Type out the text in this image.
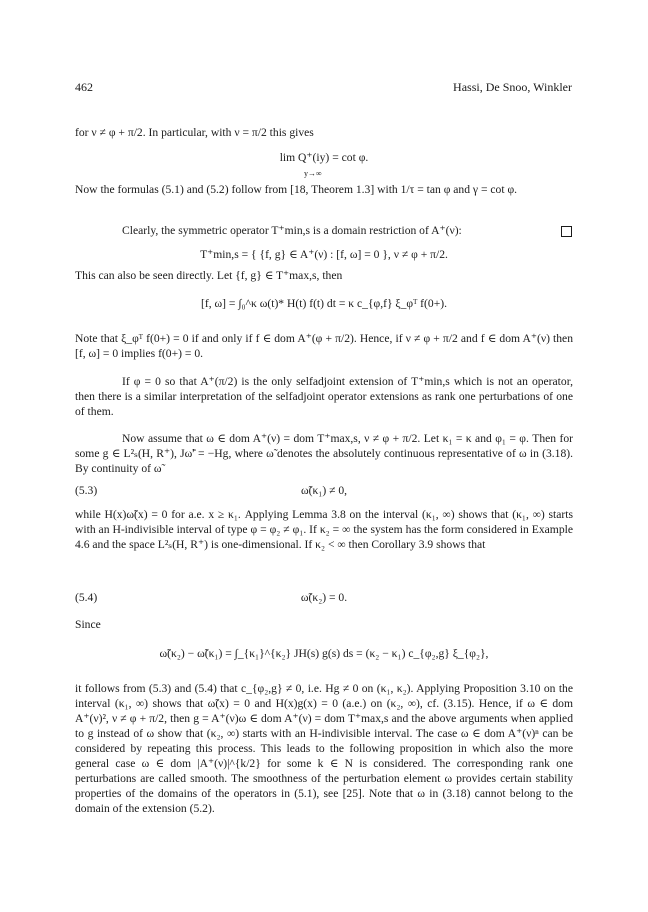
462	Hassi, De Snoo, Winkler
for ν ≠ φ + π/2. In particular, with ν = π/2 this gives
lim Q⁺(iy) = cot φ.
y→∞
Now the formulas (5.1) and (5.2) follow from [18, Theorem 1.3] with 1/τ = tan φ and γ = cot φ.
Clearly, the symmetric operator T⁺min,s is a domain restriction of A⁺(ν):
T⁺min,s = { {f, g} ∈ A⁺(ν) : [f, ω] = 0 }, ν ≠ φ + π/2.
This can also be seen directly. Let {f, g} ∈ T⁺max,s, then
[f, ω] = ∫₀^κ ω(t)* H(t) f(t) dt = κ c_{φ,f} ξ_φᵀ f(0+).
Note that ξ_φᵀ f(0+) = 0 if and only if f ∈ dom A⁺(φ + π/2). Hence, if ν ≠ φ + π/2 and f ∈ dom A⁺(ν) then [f, ω] = 0 implies f(0+) = 0.
If φ = 0 so that A⁺(π/2) is the only selfadjoint extension of T⁺min,s which is not an operator, then there is a similar interpretation of the selfadjoint operator extensions as rank one perturbations of one of them.
Now assume that ω ∈ dom A⁺(ν) = dom T⁺max,s, ν ≠ φ + π/2. Let κ₁ = κ and φ₁ = φ. Then for some g ∈ L²ₛ(H, R⁺), Jω̃′ = −Hg, where ω̃ denotes the absolutely continuous representative of ω in (3.18). By continuity of ω̃
(5.3)	ω̃(κ₁) ≠ 0,
while H(x)ω̃(x) = 0 for a.e. x ≥ κ₁. Applying Lemma 3.8 on the interval (κ₁, ∞) shows that (κ₁, ∞) starts with an H-indivisible interval of type φ = φ₂ ≠ φ₁. If κ₂ = ∞ the system has the form considered in Example 4.6 and the space L²ₛ(H, R⁺) is one-dimensional. If κ₂ < ∞ then Corollary 3.9 shows that
(5.4)	ω̃(κ₂) = 0.
Since
ω̃(κ₂) − ω̃(κ₁) = ∫_{κ₁}^{κ₂} JH(s) g(s) ds = (κ₂ − κ₁) c_{φ₂,g} ξ_{φ₂},
it follows from (5.3) and (5.4) that c_{φ₂,g} ≠ 0, i.e. Hg ≠ 0 on (κ₁, κ₂). Applying Proposition 3.10 on the interval (κ₁, ∞) shows that ω̃(x) = 0 and H(x)g(x) = 0 (a.e.) on (κ₂, ∞), cf. (3.15). Hence, if ω ∈ dom A⁺(ν)², ν ≠ φ + π/2, then g = A⁺(ν)ω ∈ dom A⁺(ν) = dom T⁺max,s and the above arguments when applied to g instead of ω show that (κ₂, ∞) starts with an H-indivisible interval. The case ω ∈ dom A⁺(ν)ⁿ can be considered by repeating this process. This leads to the following proposition in which also the more general case ω ∈ dom |A⁺(ν)|^{k/2} for some k ∈ N is considered. The corresponding rank one perturbations are called smooth. The smoothness of the perturbation element ω provides certain stability properties of the domains of the operators in (5.1), see [25]. Note that ω in (3.18) cannot belong to the domain of the extension (5.2).
